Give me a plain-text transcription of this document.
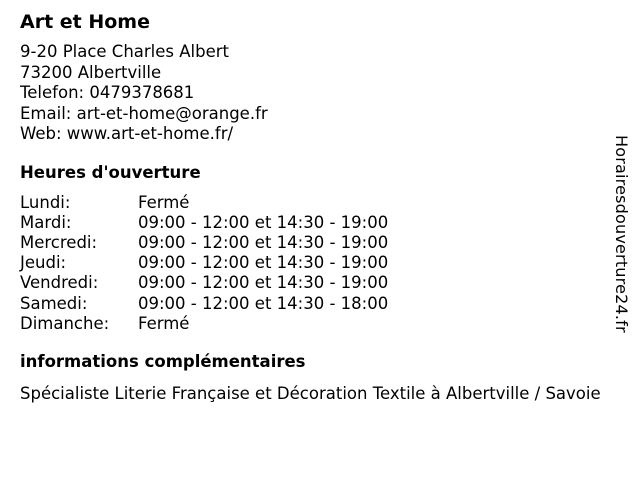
Art et Home
9-20 Place Charles Albert
73200 Albertville
Telefon: 0479378681
Email: art-et-home@orange.fr
Web: www.art-et-home.fr/
Heures d'ouverture
Lundi:	Fermé
Mardi:	09:00 - 12:00 et 14:30 - 19:00
Mercredi:	09:00 - 12:00 et 14:30 - 19:00
Jeudi:	09:00 - 12:00 et 14:30 - 19:00
Vendredi:	09:00 - 12:00 et 14:30 - 19:00
Samedi:	09:00 - 12:00 et 14:30 - 18:00
Dimanche:	Fermé
informations complémentaires
Spécialiste Literie Française et Décoration Textile à Albertville / Savoie
Horairesdouverture24.fr
